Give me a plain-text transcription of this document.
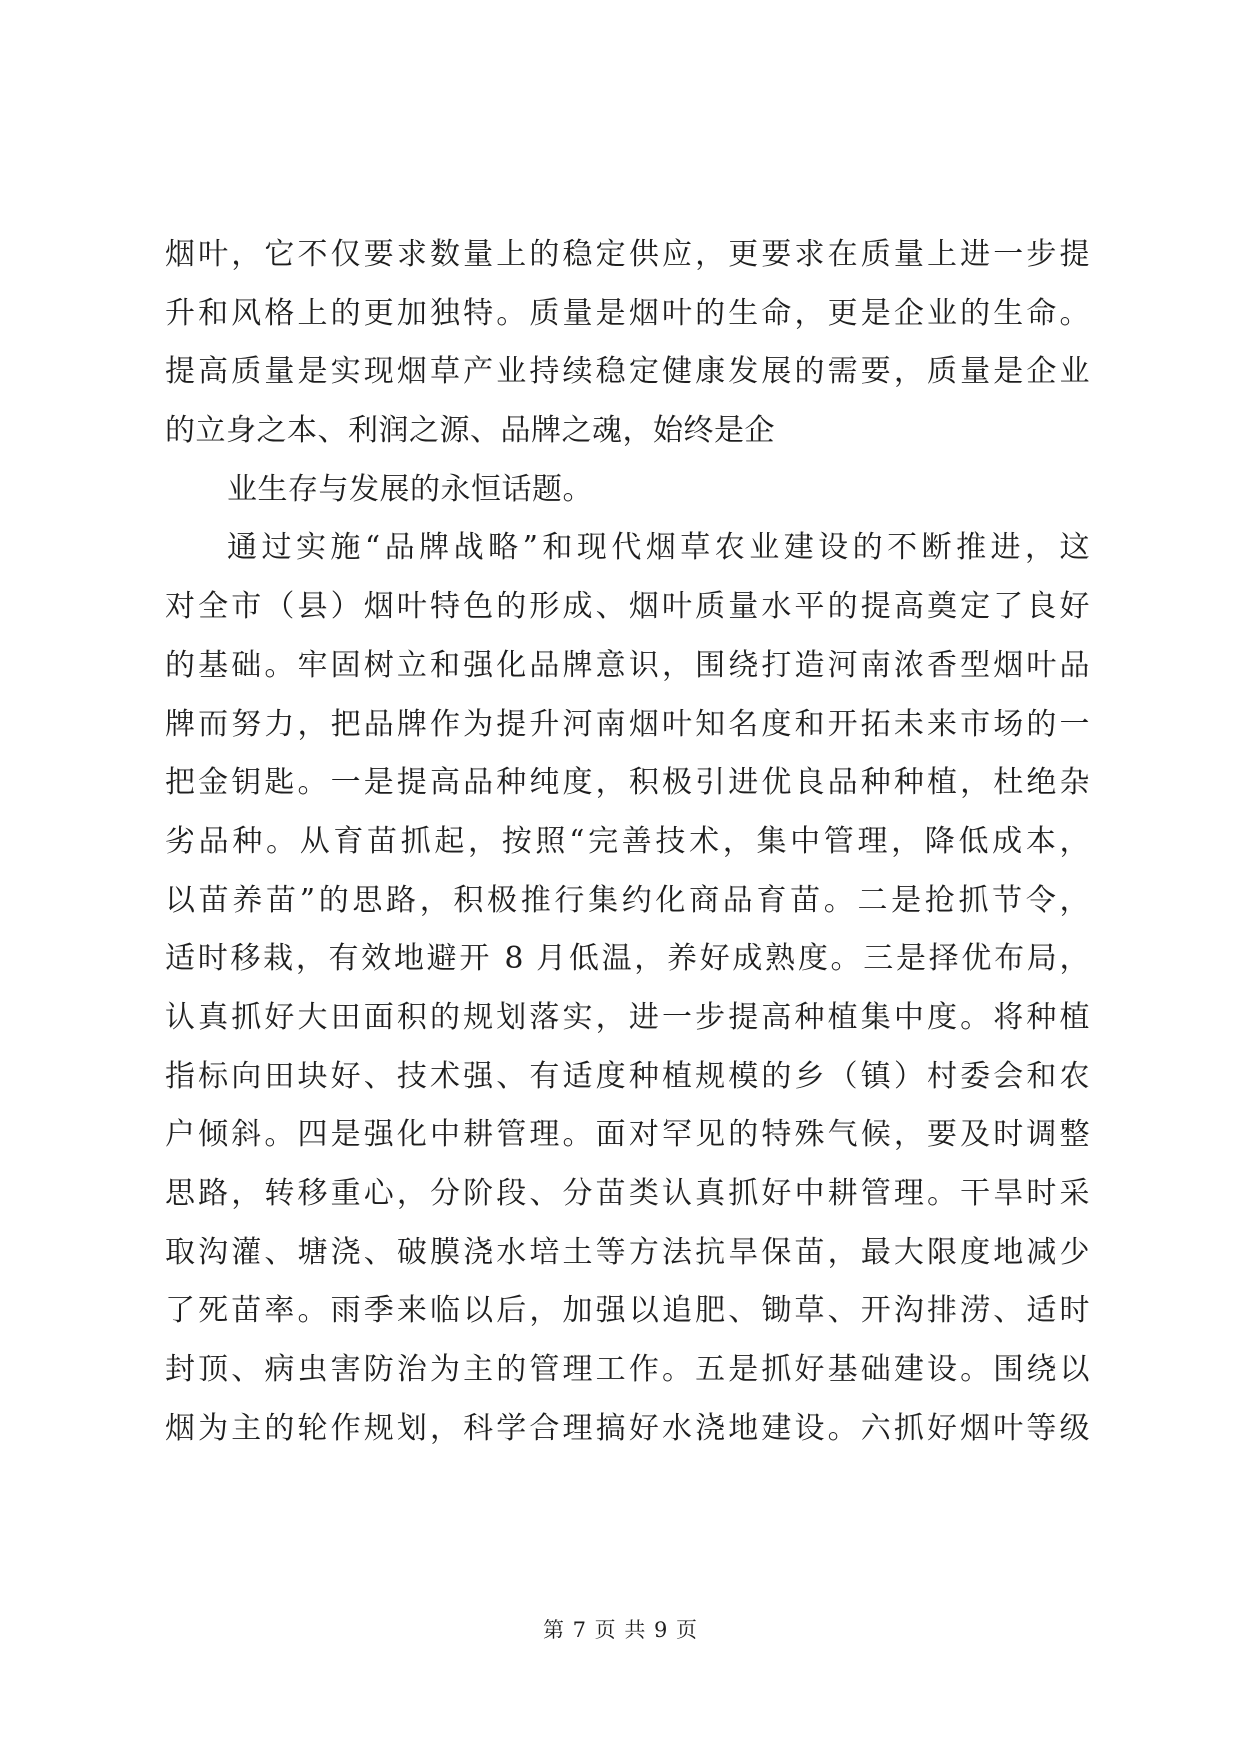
烟叶，它不仅要求数量上的稳定供应，更要求在质量上进一步提
升和风格上的更加独特。质量是烟叶的生命，更是企业的生命。
提高质量是实现烟草产业持续稳定健康发展的需要，质量是企业
的立身之本、利润之源、品牌之魂，始终是企
业生存与发展的永恒话题。
通过实施“品牌战略”和现代烟草农业建设的不断推进，这
对全市（县）烟叶特色的形成、烟叶质量水平的提高奠定了良好
的基础。牢固树立和强化品牌意识，围绕打造河南浓香型烟叶品
牌而努力，把品牌作为提升河南烟叶知名度和开拓未来市场的一
把金钥匙。一是提高品种纯度，积极引进优良品种种植，杜绝杂
劣品种。从育苗抓起，按照“完善技术，集中管理，降低成本，
以苗养苗”的思路，积极推行集约化商品育苗。二是抢抓节令，
适时移栽，有效地避开 8 月低温，养好成熟度。三是择优布局，
认真抓好大田面积的规划落实，进一步提高种植集中度。将种植
指标向田块好、技术强、有适度种植规模的乡（镇）村委会和农
户倾斜。四是强化中耕管理。面对罕见的特殊气候，要及时调整
思路，转移重心，分阶段、分苗类认真抓好中耕管理。干旱时采
取沟灌、塘浇、破膜浇水培土等方法抗旱保苗，最大限度地减少
了死苗率。雨季来临以后，加强以追肥、锄草、开沟排涝、适时
封顶、病虫害防治为主的管理工作。五是抓好基础建设。围绕以
烟为主的轮作规划，科学合理搞好水浇地建设。六抓好烟叶等级
第 7 页 共 9 页
